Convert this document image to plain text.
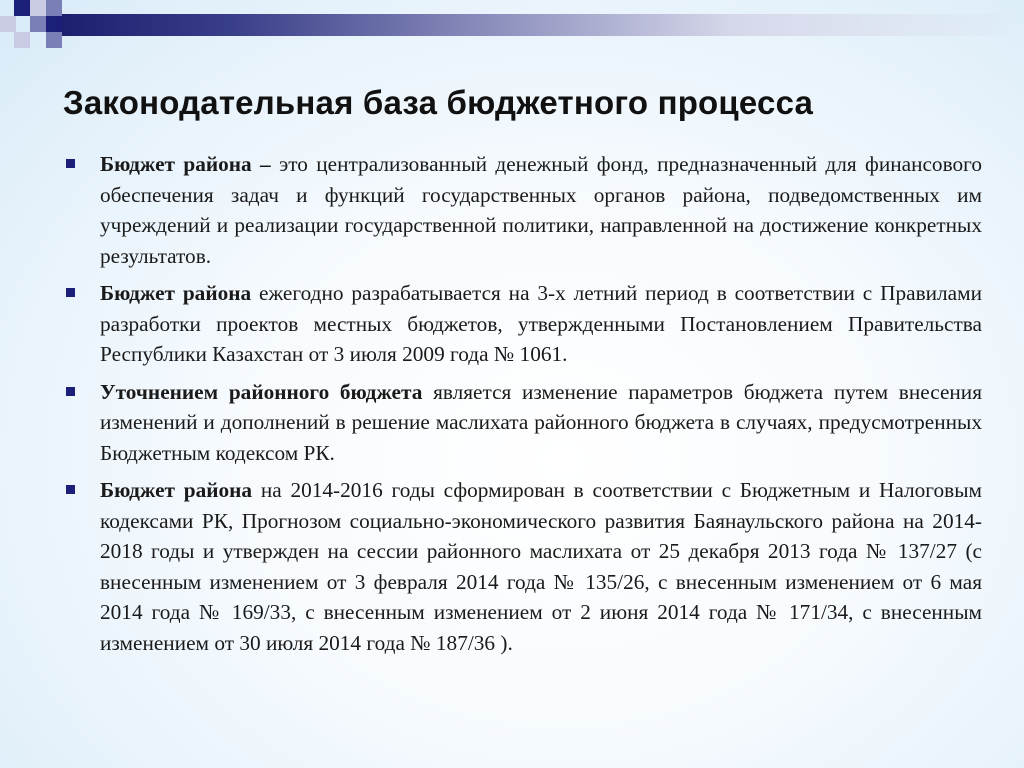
Законодательная база бюджетного процесса

Бюджет района – это централизованный денежный фонд, предназначенный для финансового обеспечения задач и функций государственных органов района, подведомственных им учреждений и реализации государственной политики, направленной на достижение конкретных результатов.

Бюджет района ежегодно разрабатывается на 3-х летний период в соответствии с Правилами разработки проектов местных бюджетов, утвержденными Постановлением Правительства Республики Казахстан от 3 июля 2009 года № 1061.

Уточнением районного бюджета является изменение параметров бюджета путем внесения изменений и дополнений в решение маслихата районного бюджета в случаях, предусмотренных Бюджетным кодексом РК.

Бюджет района на 2014-2016 годы сформирован в соответствии с Бюджетным и Налоговым кодексами РК, Прогнозом социально-экономического развития Баянаульского района на 2014-2018 годы и утвержден на сессии районного маслихата от 25 декабря 2013 года № 137/27 (с внесенным изменением от 3 февраля 2014 года № 135/26, с внесенным изменением от 6 мая 2014 года № 169/33, с внесенным изменением от 2 июня 2014 года № 171/34, с внесенным изменением от 30 июля 2014 года № 187/36 ).
